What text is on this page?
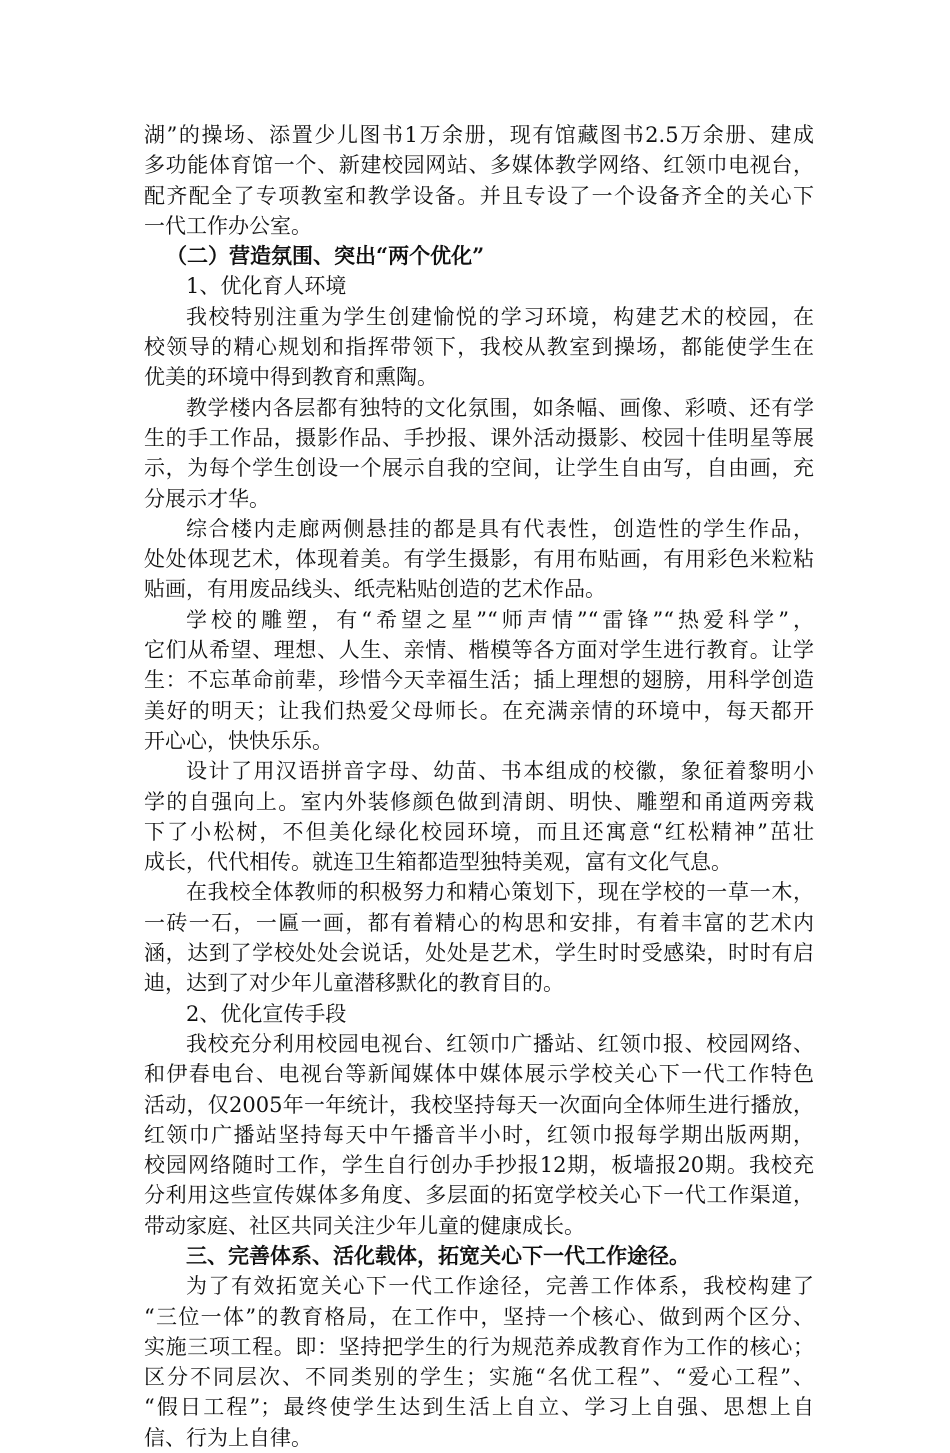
湖”的操场、添置少儿图书1万余册，现有馆藏图书2.5万余册、建成
多功能体育馆一个、新建校园网站、多媒体教学网络、红领巾电视台，
配齐配全了专项教室和教学设备。并且专设了一个设备齐全的关心下
一代工作办公室。
（二）营造氛围、突出“两个优化”
1、优化育人环境
我校特别注重为学生创建愉悦的学习环境，构建艺术的校园，在
校领导的精心规划和指挥带领下，我校从教室到操场，都能使学生在
优美的环境中得到教育和熏陶。
教学楼内各层都有独特的文化氛围，如条幅、画像、彩喷、还有学
生的手工作品，摄影作品、手抄报、课外活动摄影、校园十佳明星等展
示，为每个学生创设一个展示自我的空间，让学生自由写，自由画，充
分展示才华。
综合楼内走廊两侧悬挂的都是具有代表性，创造性的学生作品，
处处体现艺术，体现着美。有学生摄影，有用布贴画，有用彩色米粒粘
贴画，有用废品线头、纸壳粘贴创造的艺术作品。
学校的雕塑，有“希望之星”“师声情”“雷锋”“热爱科学”，
它们从希望、理想、人生、亲情、楷模等各方面对学生进行教育。让学
生：不忘革命前辈，珍惜今天幸福生活；插上理想的翅膀，用科学创造
美好的明天；让我们热爱父母师长。在充满亲情的环境中，每天都开
开心心，快快乐乐。
设计了用汉语拼音字母、幼苗、书本组成的校徽，象征着黎明小
学的自强向上。室内外装修颜色做到清朗、明快、雕塑和甬道两旁栽
下了小松树，不但美化绿化校园环境，而且还寓意“红松精神”茁壮
成长，代代相传。就连卫生箱都造型独特美观，富有文化气息。
在我校全体教师的积极努力和精心策划下，现在学校的一草一木，
一砖一石，一匾一画，都有着精心的构思和安排，有着丰富的艺术内
涵，达到了学校处处会说话，处处是艺术，学生时时受感染，时时有启
迪，达到了对少年儿童潜移默化的教育目的。
2、优化宣传手段
我校充分利用校园电视台、红领巾广播站、红领巾报、校园网络、
和伊春电台、电视台等新闻媒体中媒体展示学校关心下一代工作特色
活动，仅2005年一年统计，我校坚持每天一次面向全体师生进行播放，
红领巾广播站坚持每天中午播音半小时，红领巾报每学期出版两期，
校园网络随时工作，学生自行创办手抄报12期，板墙报20期。我校充
分利用这些宣传媒体多角度、多层面的拓宽学校关心下一代工作渠道，
带动家庭、社区共同关注少年儿童的健康成长。
三、完善体系、活化载体，拓宽关心下一代工作途径。
为了有效拓宽关心下一代工作途径，完善工作体系，我校构建了
“三位一体”的教育格局，在工作中，坚持一个核心、做到两个区分、
实施三项工程。即：坚持把学生的行为规范养成教育作为工作的核心；
区分不同层次、不同类别的学生；实施“名优工程”、“爱心工程”、
“假日工程”；最终使学生达到生活上自立、学习上自强、思想上自
信、行为上自律。
